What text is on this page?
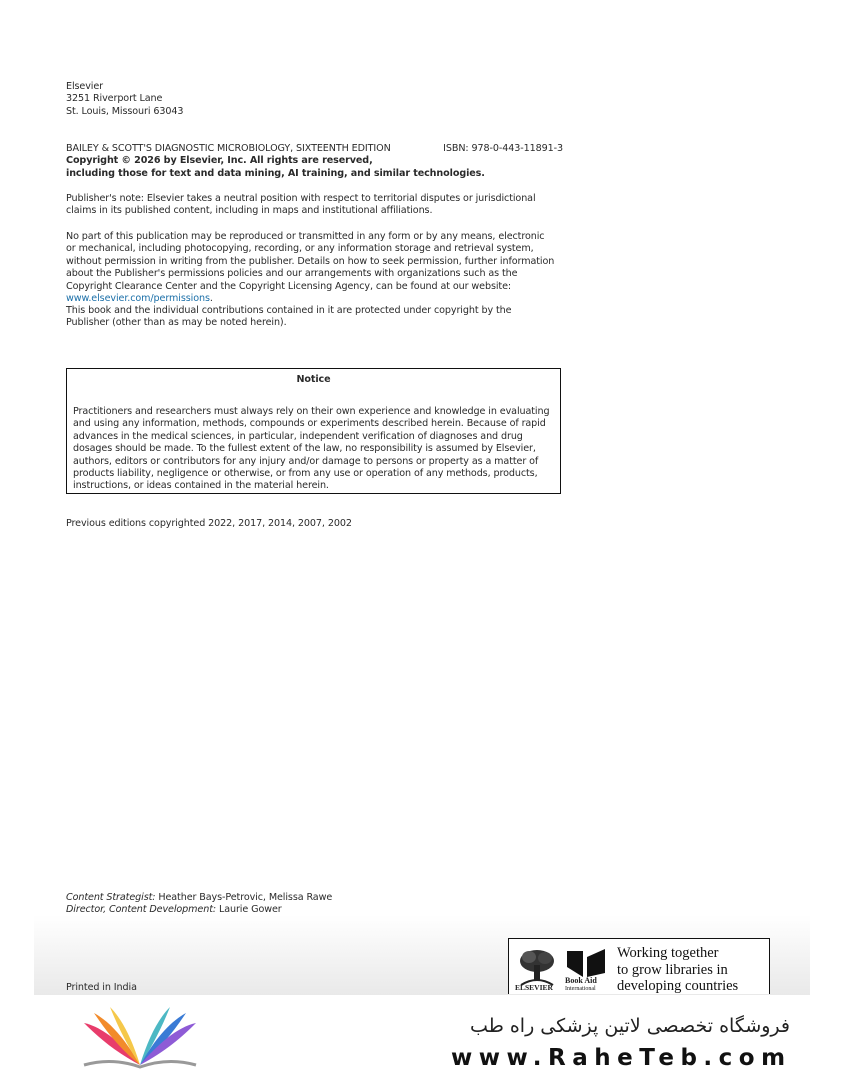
Elsevier

3251 Riverport Lane

St. Louis, Missouri 63043

BAILEY & SCOTT'S DIAGNOSTIC MICROBIOLOGY, SIXTEENTH EDITION	ISBN: 978-0-443-11891-3

Copyright © 2026 by Elsevier, Inc. All rights are reserved,

including those for text and data mining, AI training, and similar technologies.

Publisher's note: Elsevier takes a neutral position with respect to territorial disputes or jurisdictional claims in its published content, including in maps and institutional affiliations.

No part of this publication may be reproduced or transmitted in any form or by any means, electronic or mechanical, including photocopying, recording, or any information storage and retrieval system, without permission in writing from the publisher. Details on how to seek permission, further information about the Publisher's permissions policies and our arrangements with organizations such as the Copyright Clearance Center and the Copyright Licensing Agency, can be found at our website: www.elsevier.com/permissions.

This book and the individual contributions contained in it are protected under copyright by the Publisher (other than as may be noted herein).

Notice
Practitioners and researchers must always rely on their own experience and knowledge in evaluating and using any information, methods, compounds or experiments described herein. Because of rapid advances in the medical sciences, in particular, independent verification of diagnoses and drug dosages should be made. To the fullest extent of the law, no responsibility is assumed by Elsevier, authors, editors or contributors for any injury and/or damage to persons or property as a matter of products liability, negligence or otherwise, or from any use or operation of any methods, products, instructions, or ideas contained in the material herein.
Previous editions copyrighted 2022, 2017, 2014, 2007, 2002

Content Strategist: Heather Bays-Petrovic, Melissa Rawe

Director, Content Development: Laurie Gower

Printed in India	ELSEVIER
Book Aid
International
Working together
to grow libraries in
developing countries
فروشگاه تخصصی لاتین پزشکی راه طب
www.RaheTeb.com
